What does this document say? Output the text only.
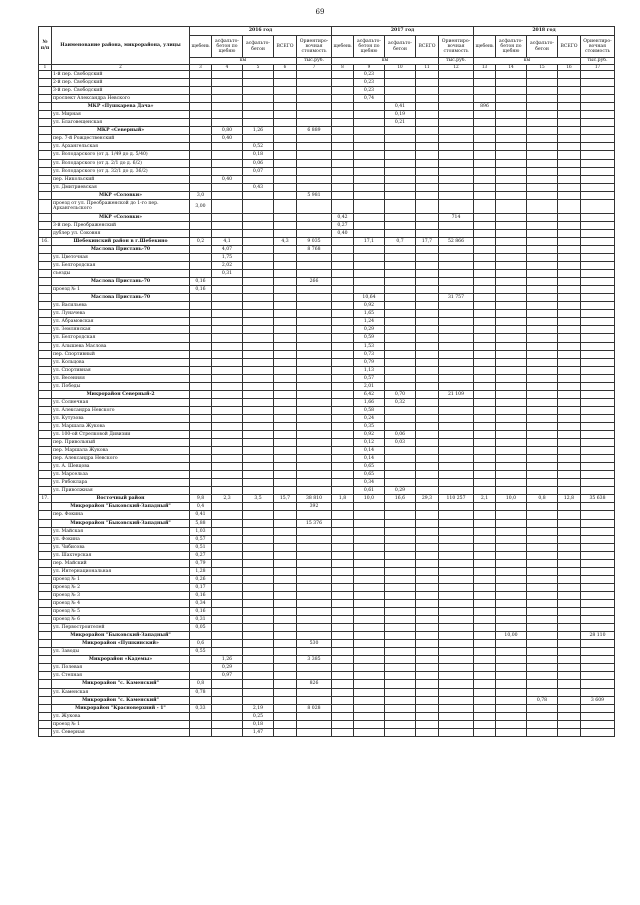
69
№ п/п	Наименование района, микрорайона, улицы	2016 год					2017 год					2018 год				
		щебень	асфальто-бетон по щебню	асфальто-бетон	ВСЕГО	Ориентиро-вочная стоимость	щебень	асфальто-бетон по щебню	асфальто-бетон	ВСЕГО	Ориентиро-вочная стоимость	щебень	асфальто-бетон по щебню	асфальто-бетон	ВСЕГО	Ориентиро-вочная стоимость
		км				тыс.руб.	км				тыс.руб.	км				тыс.руб.
1	2	3	4	5	6	7	8	9	10	11	12	13	14	15	16	17
	1-й пер. Свободский							0,23								
	2-й пер. Свободский							0,23								
	3-й пер. Свободский							0,23								
	проспект Александра Невского							0,74								
	МКР «Пушкарева Дача»								0,41			896				
	ул. Мирная								0,19							
	ул. Благовещенская								0,21							
	МКР «Северный»		0,80	1,26		6 889										
	пер. 7-й Рождественский		0,40													
	ул. Архангельская			0,52												
	ул. Володарского (от д. 1/49 до д. 5/40)			0,18												
	ул. Володарского (от д. 2/1 до д. 6/2)			0,06												
	ул. Володарского (от д. 32/1 до д. 36/2)			0,07												
	пер. Никольский		0,40													
	ул. Дмитриевская			0,43												
	МКР «Соловки»	3,0				5 981										
	проезд от ул. Преображенской до 1-го пер. Архангельского	3,00														
	МКР «Соловки»						0,42				714					
	3-й пер. Преображенский						0,27									
	дублер ул. Соковня						0,40									
16.	Шебекинский район в г.Шебекино	0,2	4,1		4,3	9 035		17,1	0,7	17,7	52 866					
	Масловa Пристань-70		4,07			8 768										
	ул. Цветочная		1,75													
	ул. Белгородская		2,02													
	съезды		0,31													
	Масловa Пристань-70	0,16				266										
	проезд № 1	0,16														
	Масловa Пристань-70							10,64			31 757					
	ул. Васильева							0,92								
	ул. Луначева							1,65								
	ул. Абрамовская							1,24								
	ул. Землянская							0,29								
	ул. Белгородская							0,59								
	ул. Алышева Маслова							1,53								
	пер. Спортивный							0,73								
	ул. Кольцова							0,79								
	ул. Спортивная							1,13								
	ул. Весенняя							0,57								
	ул. Победы							2,01								
	Микрорайон Северный-2							6,42	0,70		21 109					
	ул. Солнечная							1,66	0,32							
	ул. Александра Невского							0,58								
	ул. Кутузова							0,24								
	ул. Маршала Жукова							0,35								
	ул. 100-ой Стрелковой Дивизии							0,92	0,06							
	пер. Привольный							0,12	0,03							
	пер. Маршала Жукова							0,14								
	пер. Александра Невского							0,14								
	ул. А. Шевцова							0,65								
	ул. Марсельза							0,65								
	ул. Рябоклара							0,34								
	ул. Приволжная							0,61	0,29							
17.	Восточный район	9,8	2,3	3,5	15,7	38 810	1,8	10,0	16,6	29,3	110 257	2,1	10,0	0,8	12,8	35 638
	Микрорайон "Быковский-Западный"	0,4				392										
	пер. Фокина	0,41														
	Микрорайон "Быковский-Западный"	5,88				15 376										
	ул. Майская	1,03														
	ул. Фокина	0,57														
	ул. Чибисова	0,51														
	ул. Шахтерская	0,27														
	пер. Майский	0,79														
	ул. Интернациональная	1,28														
	проезд № 1	0,26														
	проезд № 2	0,17														
	проезд № 3	0,16														
	проезд № 4	0,34														
	проезд № 5	0,16														
	проезд № 6	0,31														
	ул. Первостроителей	0,05														
	Микрорайон "Быковский-Западный"												10,00			28 110
	Микрорайон «Пушкинский»	0,6				530										
	ул. Заводы	0,55														
	Микрорайон «Кадемы»		1,26			3 385										
	ул. Полевая		0,29													
	ул. Степная		0,97													
	Микрорайон "с. Каменский"	0,8				826										
	ул. Каменская	0,78														
	Микрорайон "с. Каменский"													0,78		3 609
	Микрорайон "Красноверхний - 1"	0,33		2,19		8 028										
	ул. Жукова			0,25												
	проезд № 1			0,18												
	ул. Северная			1,47												
